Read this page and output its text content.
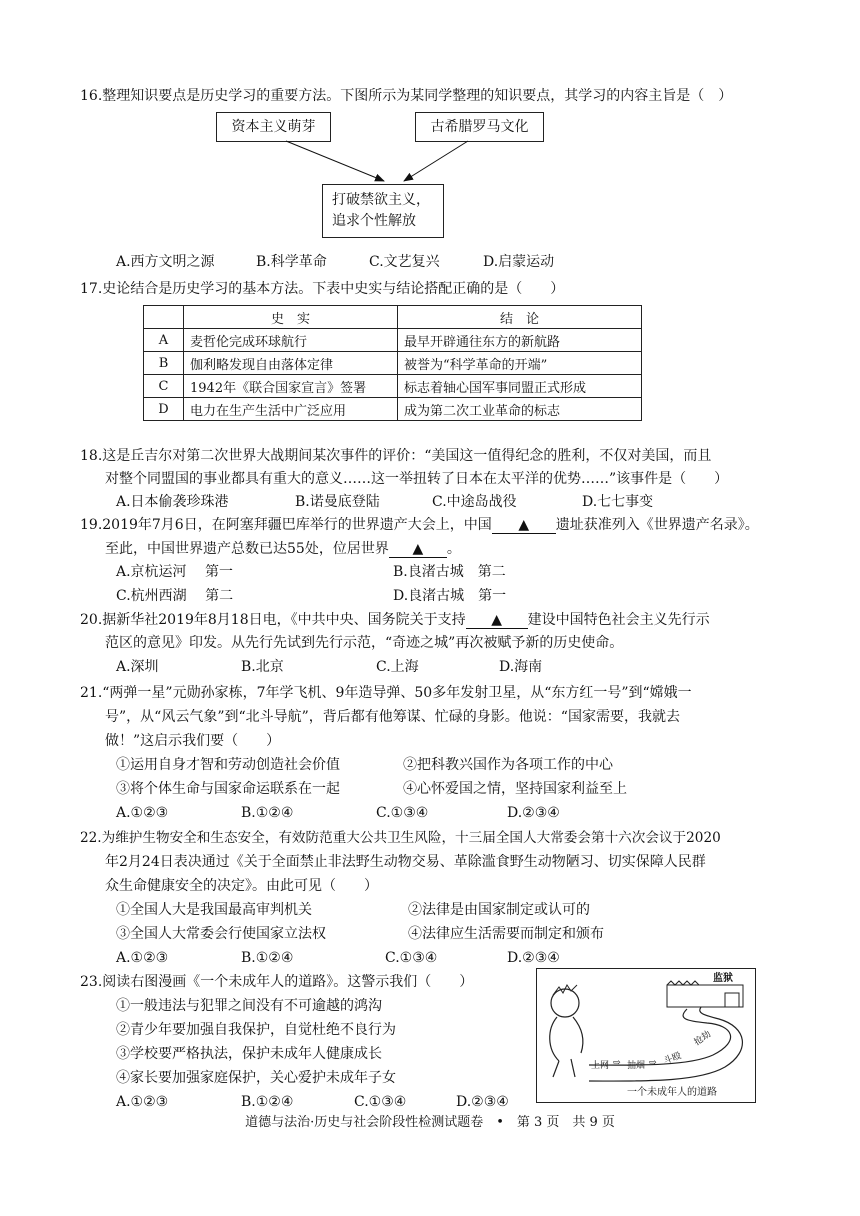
16.整理知识要点是历史学习的重要方法。下图所示为某同学整理的知识要点，其学习的内容主旨是（　）
资本主义萌芽	古希腊罗马文化
打破禁欲主义，
追求个性解放
A.西方文明之源	B.科学革命	C.文艺复兴	D.启蒙运动
17.史论结合是历史学习的基本方法。下表中史实与结论搭配正确的是（　　）
	史　实	结　论
A	麦哲伦完成环球航行	最早开辟通往东方的新航路
B	伽利略发现自由落体定律	被誉为“科学革命的开端”
C	1942年《联合国家宣言》签署	标志着轴心国军事同盟正式形成
D	电力在生产生活中广泛应用	成为第二次工业革命的标志
18.这是丘吉尔对第二次世界大战期间某次事件的评价：“美国这一值得纪念的胜利，不仅对美国，而且
对整个同盟国的事业都具有重大的意义……这一举扭转了日本在太平洋的优势……”该事件是（　　）
A.日本偷袭珍珠港	B.诺曼底登陆	C.中途岛战役	D.七七事变
19.2019年7月6日，在阿塞拜疆巴库举行的世界遗产大会上，中国 ▲ 遗址获准列入《世界遗产名录》。
至此，中国世界遗产总数已达55处，位居世界 ▲ 。
A.京杭运河　 第一	B.良渚古城　第二
C.杭州西湖　 第二	D.良渚古城　第一
20.据新华社2019年8月18日电，《中共中央、国务院关于支持 ▲ 建设中国特色社会主义先行示
范区的意见》印发。从先行先试到先行示范，“奇迹之城”再次被赋予新的历史使命。
A.深圳	B.北京	C.上海	D.海南
21.“两弹一星”元勋孙家栋，7年学飞机、9年造导弹、50多年发射卫星，从“东方红一号”到“嫦娥一
号”，从“风云气象”到“北斗导航”，背后都有他筹谋、忙碌的身影。他说：“国家需要，我就去
做！”这启示我们要（　　）
①运用自身才智和劳动创造社会价值	②把科教兴国作为各项工作的中心
③将个体生命与国家命运联系在一起	④心怀爱国之情，坚持国家利益至上
A.①②③	B.①②④	C.①③④	D.②③④
22.为维护生物安全和生态安全，有效防范重大公共卫生风险，十三届全国人大常委会第十六次会议于2020
年2月24日表决通过《关于全面禁止非法野生动物交易、革除滥食野生动物陋习、切实保障人民群
众生命健康安全的决定》。由此可见（　　）
①全国人大是我国最高审判机关	②法律是由国家制定或认可的
③全国人大常委会行使国家立法权	④法律应生活需要而制定和颁布
A.①②③	B.①②④	C.①③④	D.②③④
23.阅读右图漫画《一个未成年人的道路》。这警示我们（　　）
①一般违法与犯罪之间没有不可逾越的鸿沟
②青少年要加强自我保护，自觉杜绝不良行为
③学校要严格执法，保护未成年人健康成长
④家长要加强家庭保护，关心爱护未成年子女
A.①②③	B.①②④	C.①③④	D.②③④
监狱
上网 ⇨ 抽烟 ⇨ 斗殴
抢劫
一个未成年人的道路
道德与法治·历史与社会阶段性检测试题卷　•　第 3 页　共 9 页
